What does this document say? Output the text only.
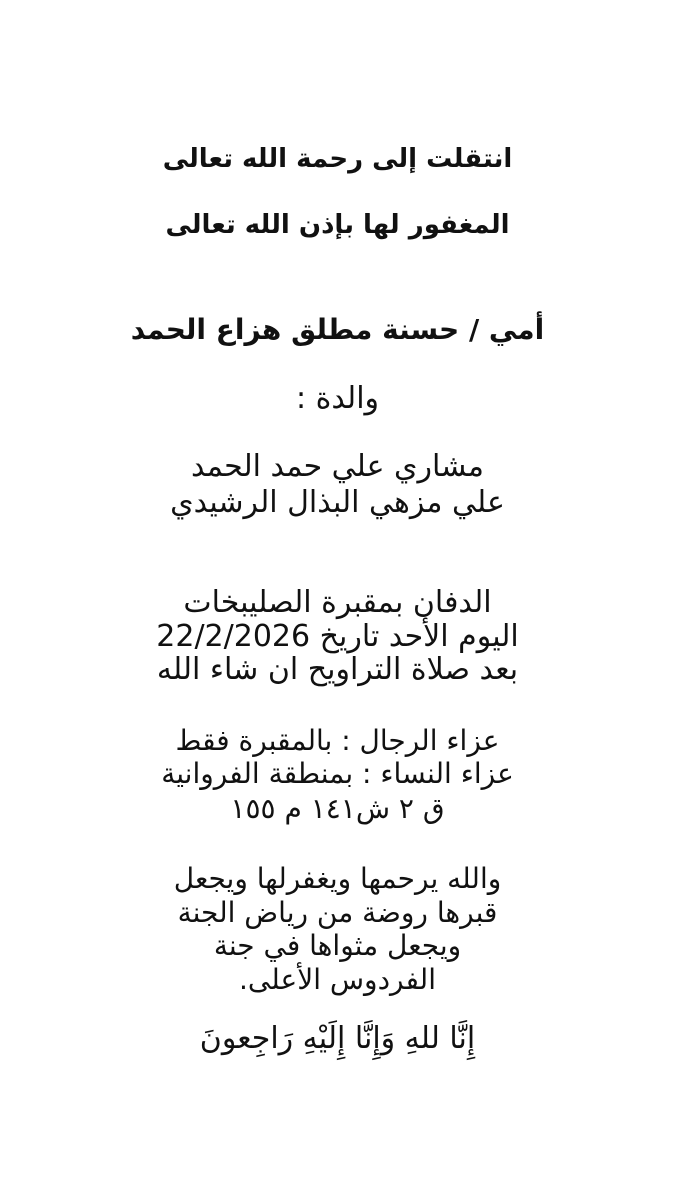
انتقلت إلى رحمة الله تعالى
المغفور لها بإذن الله تعالى
أمي / حسنة مطلق هزاع الحمد
والدة :
مشاري علي حمد الحمد
علي مزهي البذال الرشيدي
الدفان بمقبرة الصليبخات
اليوم الأحد تاريخ 22/2/2026
بعد صلاة التراويح ان شاء الله
عزاء الرجال : بالمقبرة فقط
عزاء النساء : بمنطقة الفروانية
ق ٢ ش١٤١ م ١٥٥
والله يرحمها ويغفرلها ويجعل
قبرها روضة من رياض الجنة
ويجعل مثواها في جنة
الفردوس الأعلى.
إِنَّا للهِ وَإِنَّا إِلَيْهِ رَاجِعونَ
